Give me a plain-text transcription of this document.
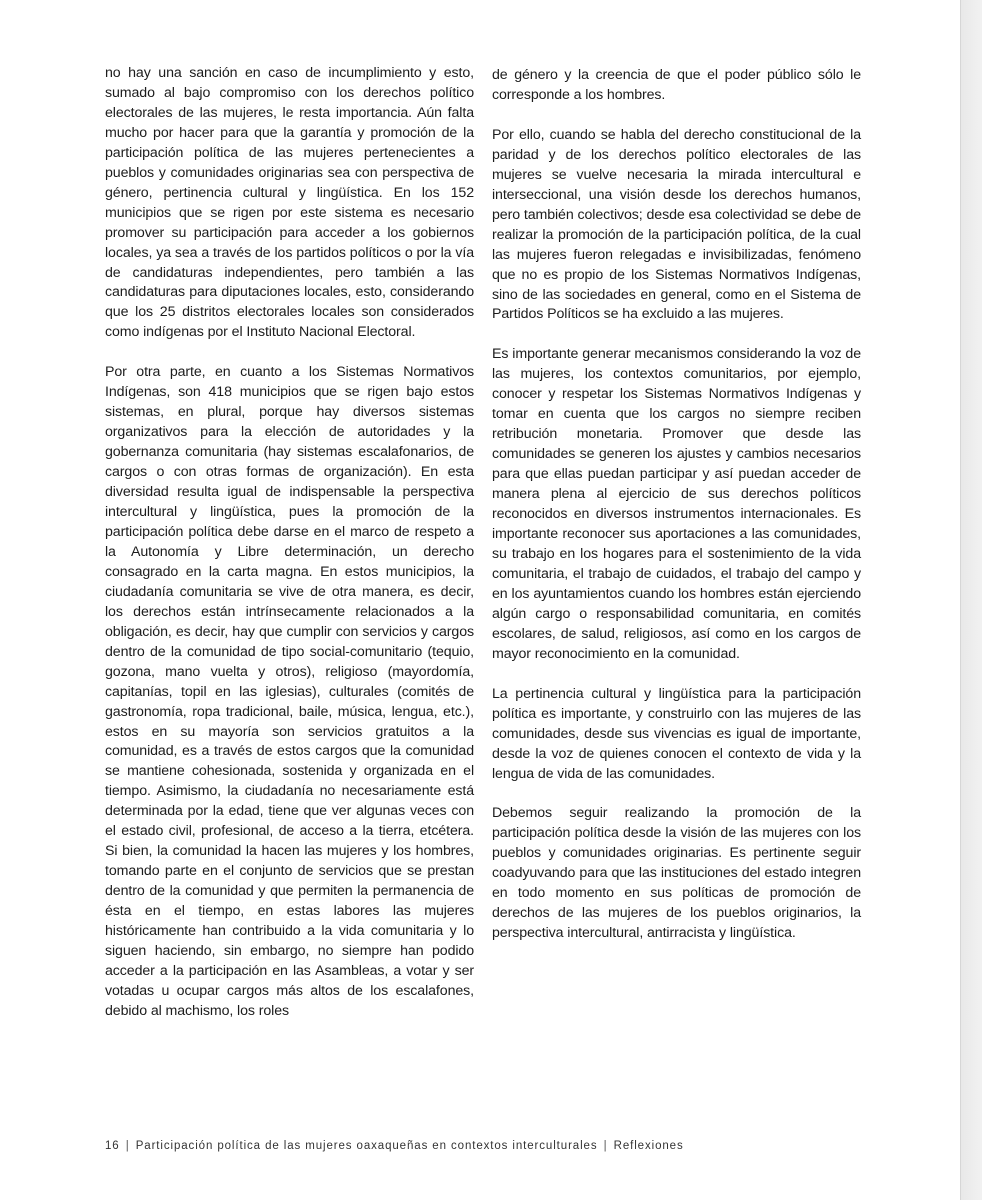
no hay una sanción en caso de incumplimiento y esto, sumado al bajo compromiso con los derechos político electorales de las mujeres, le resta importancia. Aún falta mucho por hacer para que la garantía y promoción de la participación política de las mujeres pertenecientes a pueblos y comunidades originarias sea con perspectiva de género, pertinencia cultural y lingüística. En los 152 municipios que se rigen por este sistema es necesario promover su participación para acceder a los gobiernos locales, ya sea a través de los partidos políticos o por la vía de candidaturas independientes, pero también a las candidaturas para diputaciones locales, esto, considerando que los 25 distritos electorales locales son considerados como indígenas por el Instituto Nacional Electoral.

Por otra parte, en cuanto a los Sistemas Normativos Indígenas, son 418 municipios que se rigen bajo estos sistemas, en plural, porque hay diversos sistemas organizativos para la elección de autoridades y la gobernanza comunitaria (hay sistemas escalafonarios, de cargos o con otras formas de organización). En esta diversidad resulta igual de indispensable la perspectiva intercultural y lingüística, pues la promoción de la participación política debe darse en el marco de respeto a la Autonomía y Libre determinación, un derecho consagrado en la carta magna. En estos municipios, la ciudadanía comunitaria se vive de otra manera, es decir, los derechos están intrínsecamente relacionados a la obligación, es decir, hay que cumplir con servicios y cargos dentro de la comunidad de tipo social-comunitario (tequio, gozona, mano vuelta y otros), religioso (mayordomía, capitanías, topil en las iglesias), culturales (comités de gastronomía, ropa tradicional, baile, música, lengua, etc.), estos en su mayoría son servicios gratuitos a la comunidad, es a través de estos cargos que la comunidad se mantiene cohesionada, sostenida y organizada en el tiempo. Asimismo, la ciudadanía no necesariamente está determinada por la edad, tiene que ver algunas veces con el estado civil, profesional, de acceso a la tierra, etcétera. Si bien, la comunidad la hacen las mujeres y los hombres, tomando parte en el conjunto de servicios que se prestan dentro de la comunidad y que permiten la permanencia de ésta en el tiempo, en estas labores las mujeres históricamente han contribuido a la vida comunitaria y lo siguen haciendo, sin embargo, no siempre han podido acceder a la participación en las Asambleas, a votar y ser votadas u ocupar cargos más altos de los escalafones, debido al machismo, los roles

de género y la creencia de que el poder público sólo le corresponde a los hombres.

Por ello, cuando se habla del derecho constitucional de la paridad y de los derechos político electorales de las mujeres se vuelve necesaria la mirada intercultural e interseccional, una visión desde los derechos humanos, pero también colectivos; desde esa colectividad se debe de realizar la promoción de la participación política, de la cual las mujeres fueron relegadas e invisibilizadas, fenómeno que no es propio de los Sistemas Normativos Indígenas, sino de las sociedades en general, como en el Sistema de Partidos Políticos se ha excluido a las mujeres.

Es importante generar mecanismos considerando la voz de las mujeres, los contextos comunitarios, por ejemplo, conocer y respetar los Sistemas Normativos Indígenas y tomar en cuenta que los cargos no siempre reciben retribución monetaria. Promover que desde las comunidades se generen los ajustes y cambios necesarios para que ellas puedan participar y así puedan acceder de manera plena al ejercicio de sus derechos políticos reconocidos en diversos instrumentos internacionales. Es importante reconocer sus aportaciones a las comunidades, su trabajo en los hogares para el sostenimiento de la vida comunitaria, el trabajo de cuidados, el trabajo del campo y en los ayuntamientos cuando los hombres están ejerciendo algún cargo o responsabilidad comunitaria, en comités escolares, de salud, religiosos, así como en los cargos de mayor reconocimiento en la comunidad.

La pertinencia cultural y lingüística para la participación política es importante, y construirlo con las mujeres de las comunidades, desde sus vivencias es igual de importante, desde la voz de quienes conocen el contexto de vida y la lengua de vida de las comunidades.

Debemos seguir realizando la promoción de la participación política desde la visión de las mujeres con los pueblos y comunidades originarias. Es pertinente seguir coadyuvando para que las instituciones del estado integren en todo momento en sus políticas de promoción de derechos de las mujeres de los pueblos originarios, la perspectiva intercultural, antirracista y lingüística.

16 | Participación política de las mujeres oaxaqueñas en contextos interculturales | Reflexiones
